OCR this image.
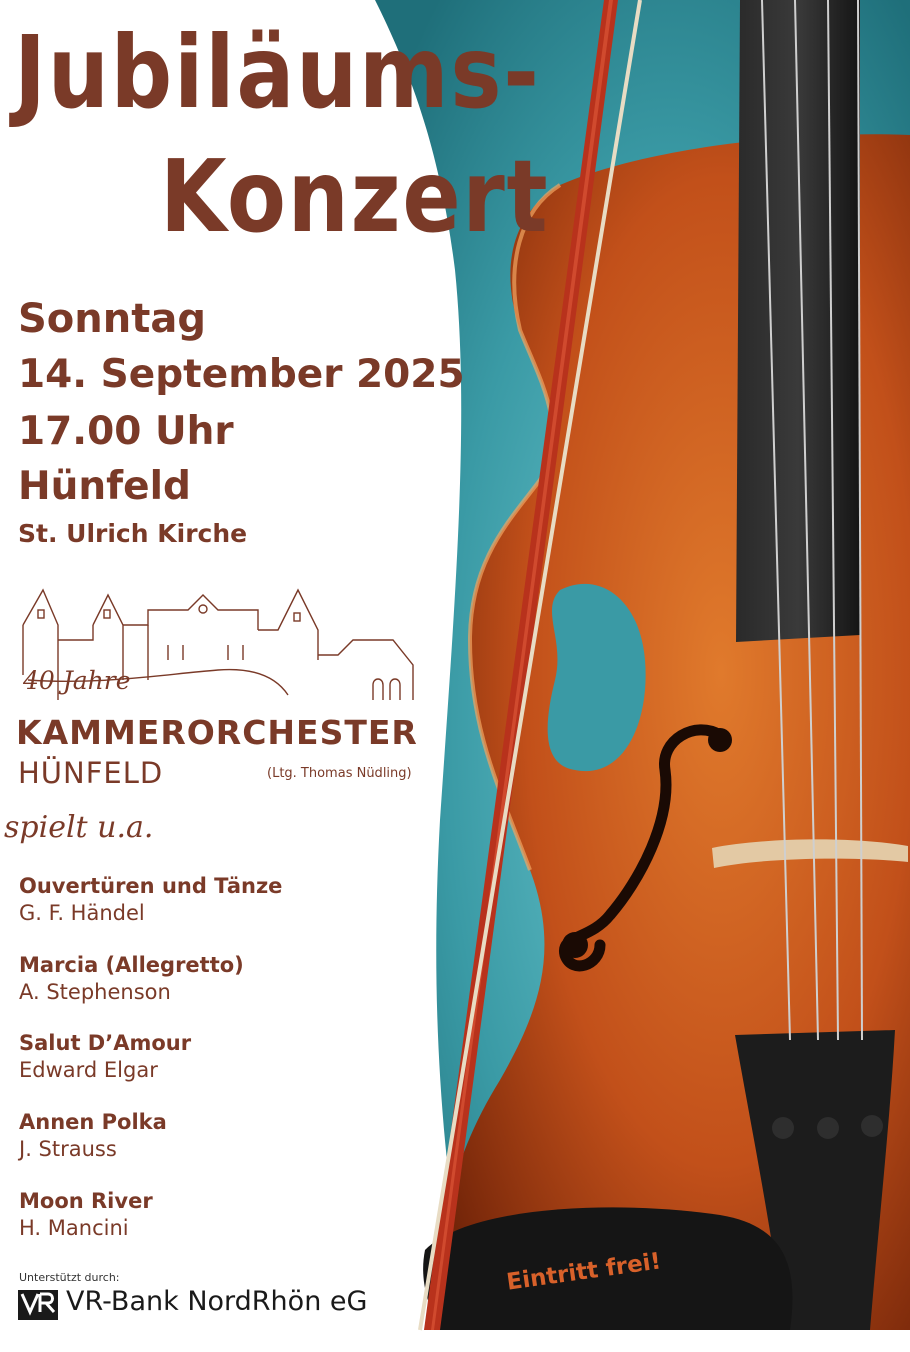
Jubiläums-
Konzert
Sonntag
14. September 2025
17.00 Uhr
Hünfeld
St. Ulrich Kirche
40 Jahre
KAMMERORCHESTER
HÜNFELD	(Ltg. Thomas Nüdling)
spielt u.a.
Ouvertüren und Tänze
G. F. Händel
Marcia (Allegretto)
A. Stephenson
Salut D’Amour
Edward Elgar
Annen Polka
J. Strauss
Moon River
H. Mancini
Unterstützt durch:
VR-Bank NordRhön eG
Eintritt frei!
